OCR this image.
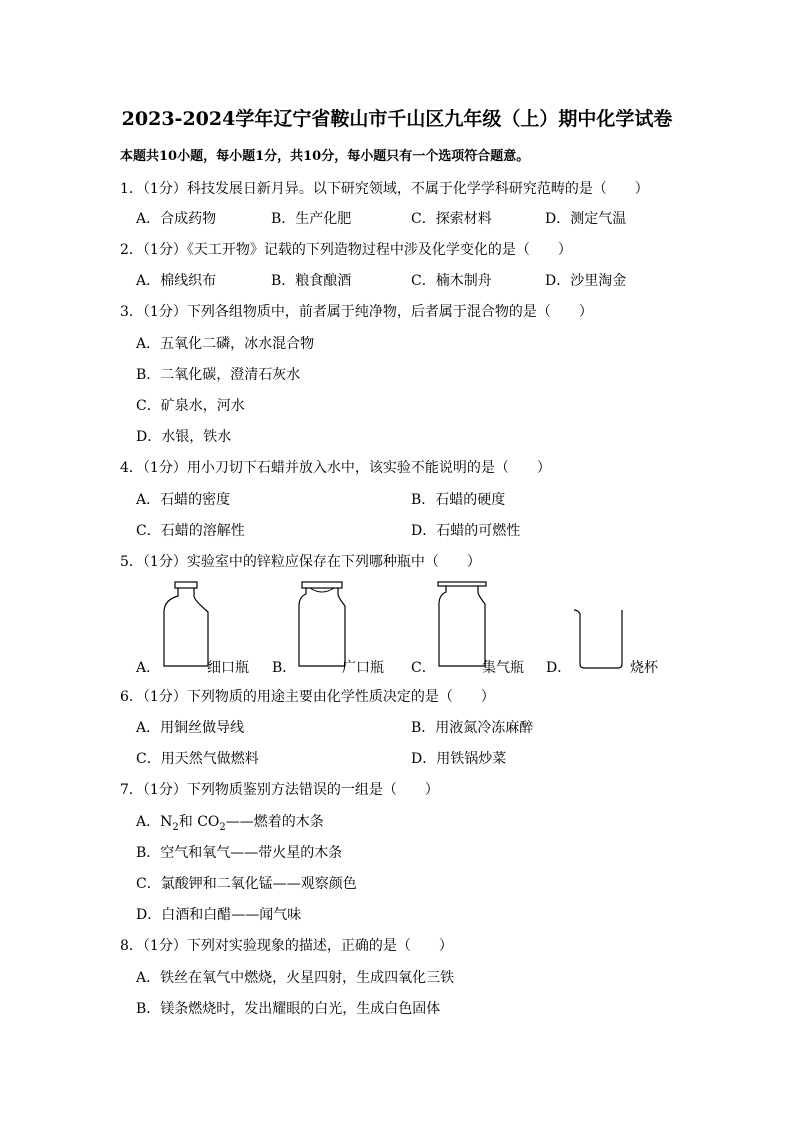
2023-2024学年辽宁省鞍山市千山区九年级（上）期中化学试卷
本题共10小题，每小题1分，共10分，每小题只有一个选项符合题意。
1．（1分）科技发展日新月异。以下研究领域，不属于化学学科研究范畴的是（　　）
A．合成药物	B．生产化肥	C．探索材料	D．测定气温
2．（1分）《天工开物》记载的下列造物过程中涉及化学变化的是（　　）
A．棉线织布	B．粮食酿酒	C．楠木制舟	D．沙里淘金
3．（1分）下列各组物质中，前者属于纯净物，后者属于混合物的是（　　）
A．五氧化二磷，冰水混合物
B．二氧化碳，澄清石灰水
C．矿泉水，河水
D．水银，铁水
4．（1分）用小刀切下石蜡并放入水中，该实验不能说明的是（　　）
A．石蜡的密度	B．石蜡的硬度
C．石蜡的溶解性	D．石蜡的可燃性
5．（1分）实验室中的锌粒应保存在下列哪种瓶中（　　）
A．	细口瓶 B．	广口瓶 C．	集气瓶 D．	烧杯
6．（1分）下列物质的用途主要由化学性质决定的是（　　）
A．用铜丝做导线	B．用液氮冷冻麻醉
C．用天然气做燃料	D．用铁锅炒菜
7．（1分）下列物质鉴别方法错误的一组是（　　）
A．$N_2$和 $CO_2——$燃着的木条
B．空气和氧气——带火星的木条
C．氯酸钾和二氧化锰——观察颜色
D．白酒和白醋——闻气味
8．（1分）下列对实验现象的描述，正确的是（　　）
A．铁丝在氧气中燃烧，火星四射，生成四氧化三铁
B．镁条燃烧时，发出耀眼的白光，生成白色固体
